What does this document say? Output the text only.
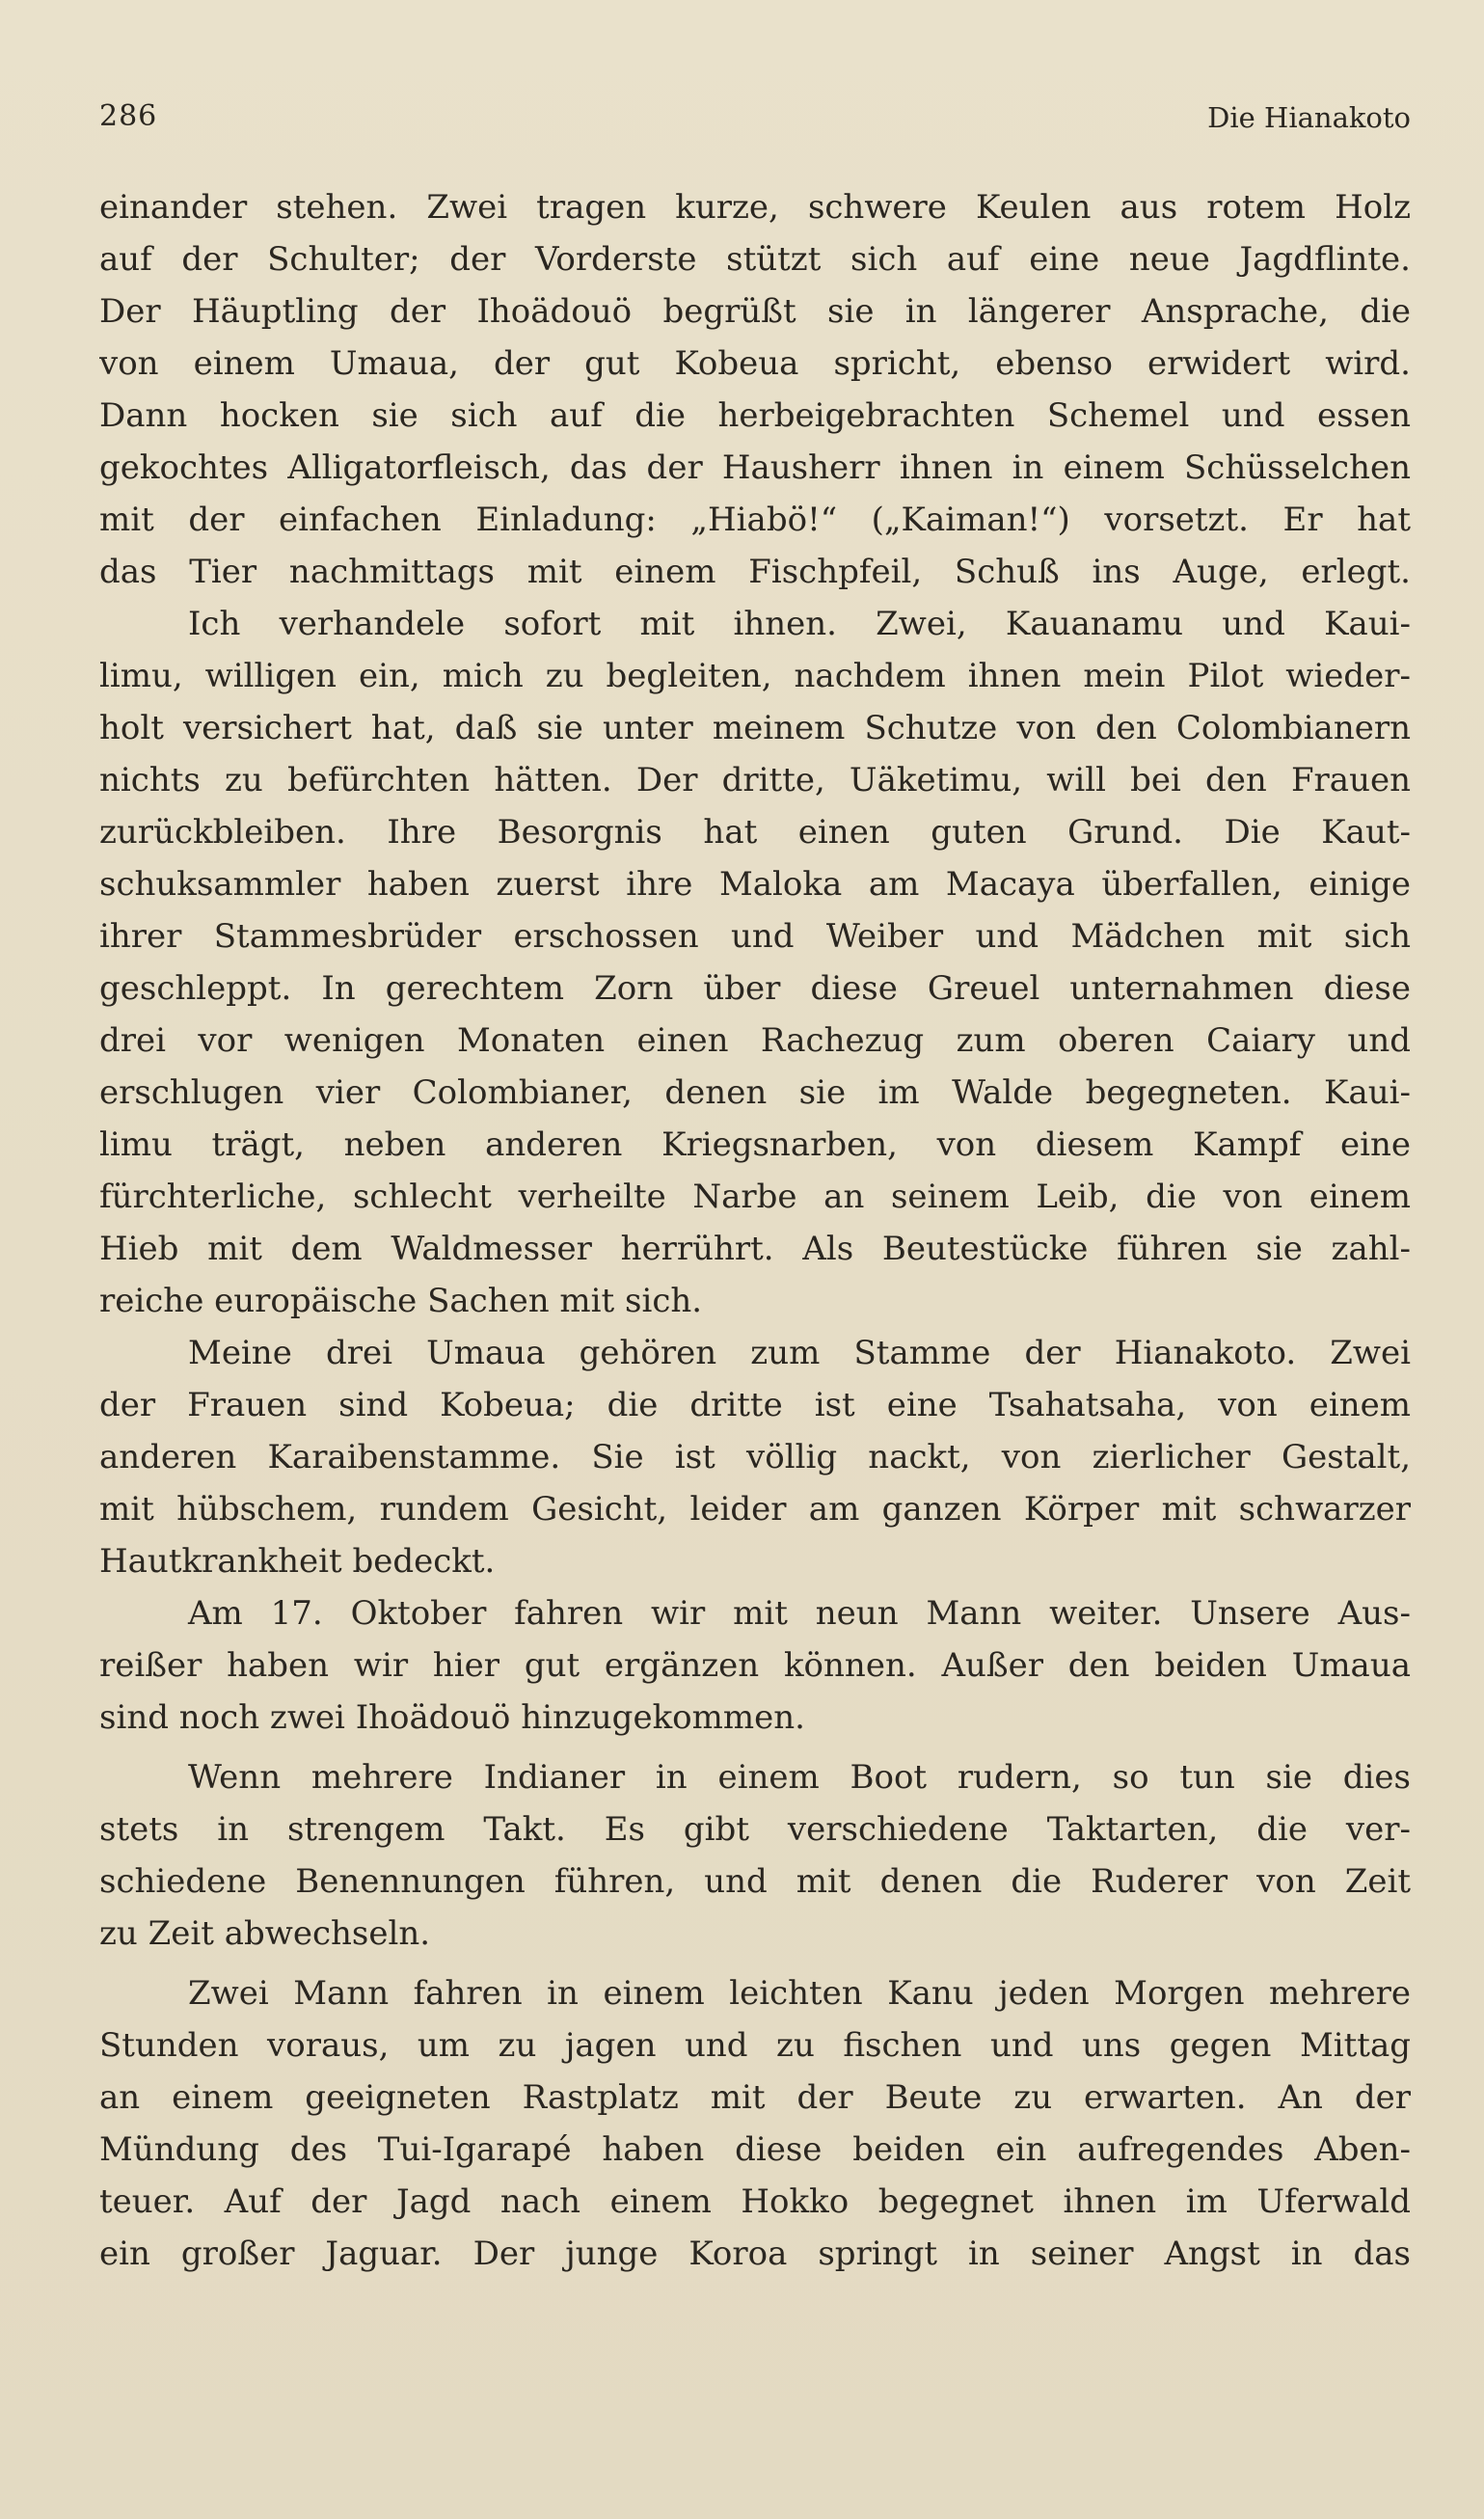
286	Die Hianakoto
einander stehen. Zwei tragen kurze, schwere Keulen aus rotem Holz
auf der Schulter; der Vorderste stützt sich auf eine neue Jagdflinte.
Der Häuptling der Ihoädouö begrüßt sie in längerer Ansprache, die
von einem Umaua, der gut Kobeua spricht, ebenso erwidert wird.
Dann hocken sie sich auf die herbeigebrachten Schemel und essen
gekochtes Alligatorfleisch, das der Hausherr ihnen in einem Schüsselchen
mit der einfachen Einladung: „Hiabö!“ („Kaiman!“) vorsetzt. Er hat
das Tier nachmittags mit einem Fischpfeil, Schuß ins Auge, erlegt.
Ich verhandele sofort mit ihnen. Zwei, Kauanamu und Kaui-
limu, willigen ein, mich zu begleiten, nachdem ihnen mein Pilot wieder-
holt versichert hat, daß sie unter meinem Schutze von den Colombianern
nichts zu befürchten hätten. Der dritte, Uäketimu, will bei den Frauen
zurückbleiben. Ihre Besorgnis hat einen guten Grund. Die Kaut-
schuksammler haben zuerst ihre Maloka am Macaya überfallen, einige
ihrer Stammesbrüder erschossen und Weiber und Mädchen mit sich
geschleppt. In gerechtem Zorn über diese Greuel unternahmen diese
drei vor wenigen Monaten einen Rachezug zum oberen Caiary und
erschlugen vier Colombianer, denen sie im Walde begegneten. Kaui-
limu trägt, neben anderen Kriegsnarben, von diesem Kampf eine
fürchterliche, schlecht verheilte Narbe an seinem Leib, die von einem
Hieb mit dem Waldmesser herrührt. Als Beutestücke führen sie zahl-
reiche europäische Sachen mit sich.
Meine drei Umaua gehören zum Stamme der Hianakoto. Zwei
der Frauen sind Kobeua; die dritte ist eine Tsahatsaha, von einem
anderen Karaibenstamme. Sie ist völlig nackt, von zierlicher Gestalt,
mit hübschem, rundem Gesicht, leider am ganzen Körper mit schwarzer
Hautkrankheit bedeckt.
Am 17. Oktober fahren wir mit neun Mann weiter. Unsere Aus-
reißer haben wir hier gut ergänzen können. Außer den beiden Umaua
sind noch zwei Ihoädouö hinzugekommen.
Wenn mehrere Indianer in einem Boot rudern, so tun sie dies
stets in strengem Takt. Es gibt verschiedene Taktarten, die ver-
schiedene Benennungen führen, und mit denen die Ruderer von Zeit
zu Zeit abwechseln.
Zwei Mann fahren in einem leichten Kanu jeden Morgen mehrere
Stunden voraus, um zu jagen und zu fischen und uns gegen Mittag
an einem geeigneten Rastplatz mit der Beute zu erwarten. An der
Mündung des Tui-Igarapé haben diese beiden ein aufregendes Aben-
teuer. Auf der Jagd nach einem Hokko begegnet ihnen im Uferwald
ein großer Jaguar. Der junge Koroa springt in seiner Angst in das
